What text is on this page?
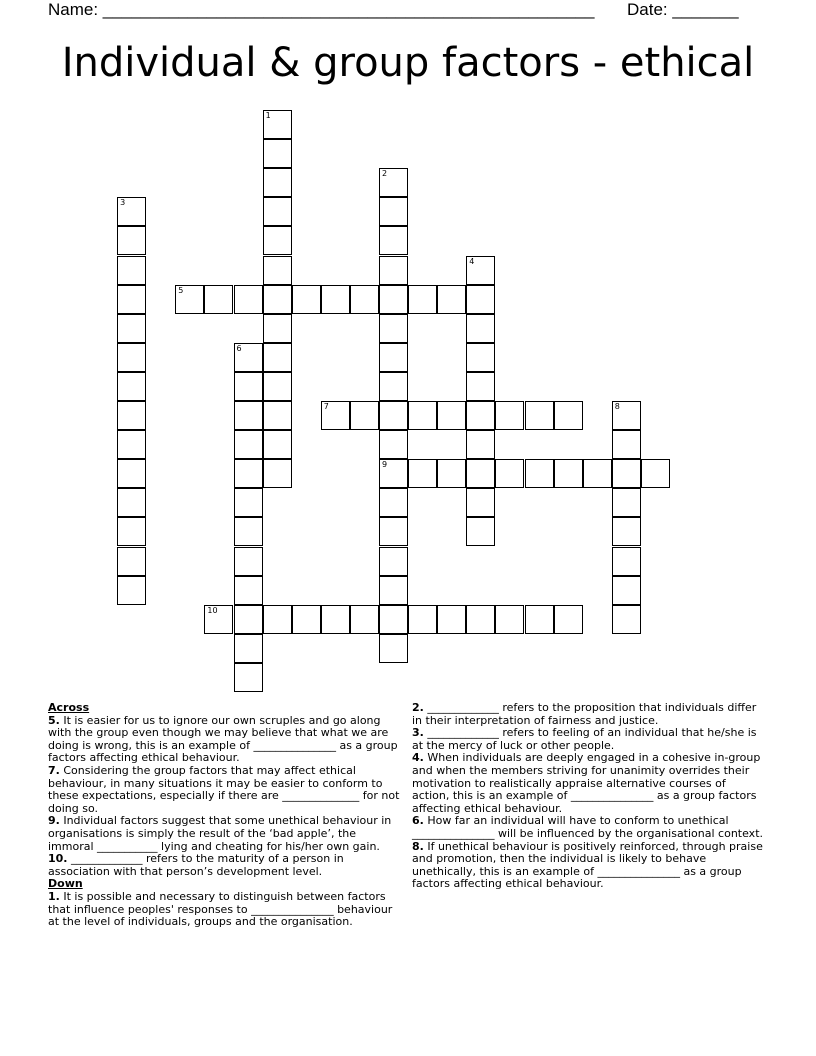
Name: ____________________________________________________ Date: _______
Individual & group factors - ethical
1
2
9
3
4
5
6
7	8
10
Across
5. It is easier for us to ignore our own scruples and go along with the group even though we may believe that what we are doing is wrong, this is an example of _______________ as a group factors affecting ethical behaviour.
7. Considering the group factors that may affect ethical behaviour, in many situations it may be easier to conform to these expectations, especially if there are ______________ for not doing so.
9. Individual factors suggest that some unethical behaviour in organisations is simply the result of the ‘bad apple’, the immoral ___________ lying and cheating for his/her own gain.
10. _____________ refers to the maturity of a person in association with that person’s development level.
Down
1. It is possible and necessary to distinguish between factors that influence peoples' responses to _______________ behaviour at the level of individuals, groups and the organisation.
2. _____________ refers to the proposition that individuals differ in their interpretation of fairness and justice.
3. _____________ refers to feeling of an individual that he/she is at the mercy of luck or other people.
4. When individuals are deeply engaged in a cohesive in-group and when the members striving for unanimity overrides their motivation to realistically appraise alternative courses of action, this is an example of _______________ as a group factors affecting ethical behaviour.
6. How far an individual will have to conform to unethical _______________ will be influenced by the organisational context.
8. If unethical behaviour is positively reinforced, through praise and promotion, then the individual is likely to behave unethically, this is an example of _______________ as a group factors affecting ethical behaviour.
